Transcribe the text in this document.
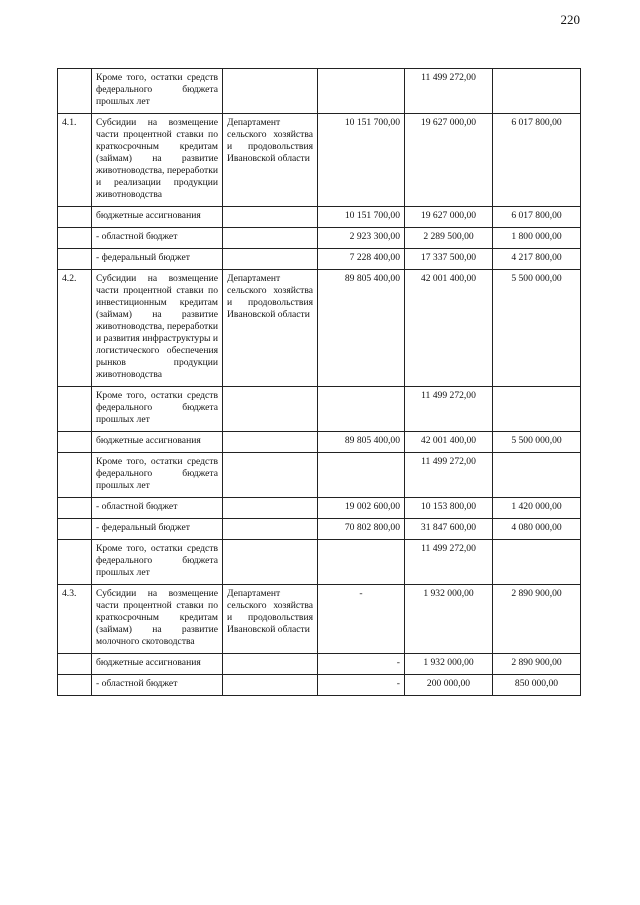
220
	Кроме того, остатки средств федерального бюджета прошлых лет			11 499 272,00	
4.1.	Субсидии на возмещение части процентной ставки по краткосрочным кредитам (займам) на развитие животноводства, переработки и реализации продукции животноводства	Департамент сельского хозяйства и продовольствия Ивановской области	10 151 700,00	19 627 000,00	6 017 800,00
	бюджетные ассигнования		10 151 700,00	19 627 000,00	6 017 800,00
	- областной бюджет		2 923 300,00	2 289 500,00	1 800 000,00
	- федеральный бюджет		7 228 400,00	17 337 500,00	4 217 800,00
4.2.	Субсидии на возмещение части процентной ставки по инвестиционным кредитам (займам) на развитие животноводства, переработки и развития инфраструктуры и логистического обеспечения рынков продукции животноводства	Департамент сельского хозяйства и продовольствия Ивановской области	89 805 400,00	42 001 400,00	5 500 000,00
	Кроме того, остатки средств федерального бюджета прошлых лет			11 499 272,00	
	бюджетные ассигнования		89 805 400,00	42 001 400,00	5 500 000,00
	Кроме того, остатки средств федерального бюджета прошлых лет			11 499 272,00	
	- областной бюджет		19 002 600,00	10 153 800,00	1 420 000,00
	- федеральный бюджет		70 802 800,00	31 847 600,00	4 080 000,00
	Кроме того, остатки средств федерального бюджета прошлых лет			11 499 272,00	
4.3.	Субсидии на возмещение части процентной ставки по краткосрочным кредитам (займам) на развитие молочного скотоводства	Департамент сельского хозяйства и продовольствия Ивановской области	-	1 932 000,00	2 890 900,00
	бюджетные ассигнования		-	1 932 000,00	2 890 900,00
	- областной бюджет		-	200 000,00	850 000,00
